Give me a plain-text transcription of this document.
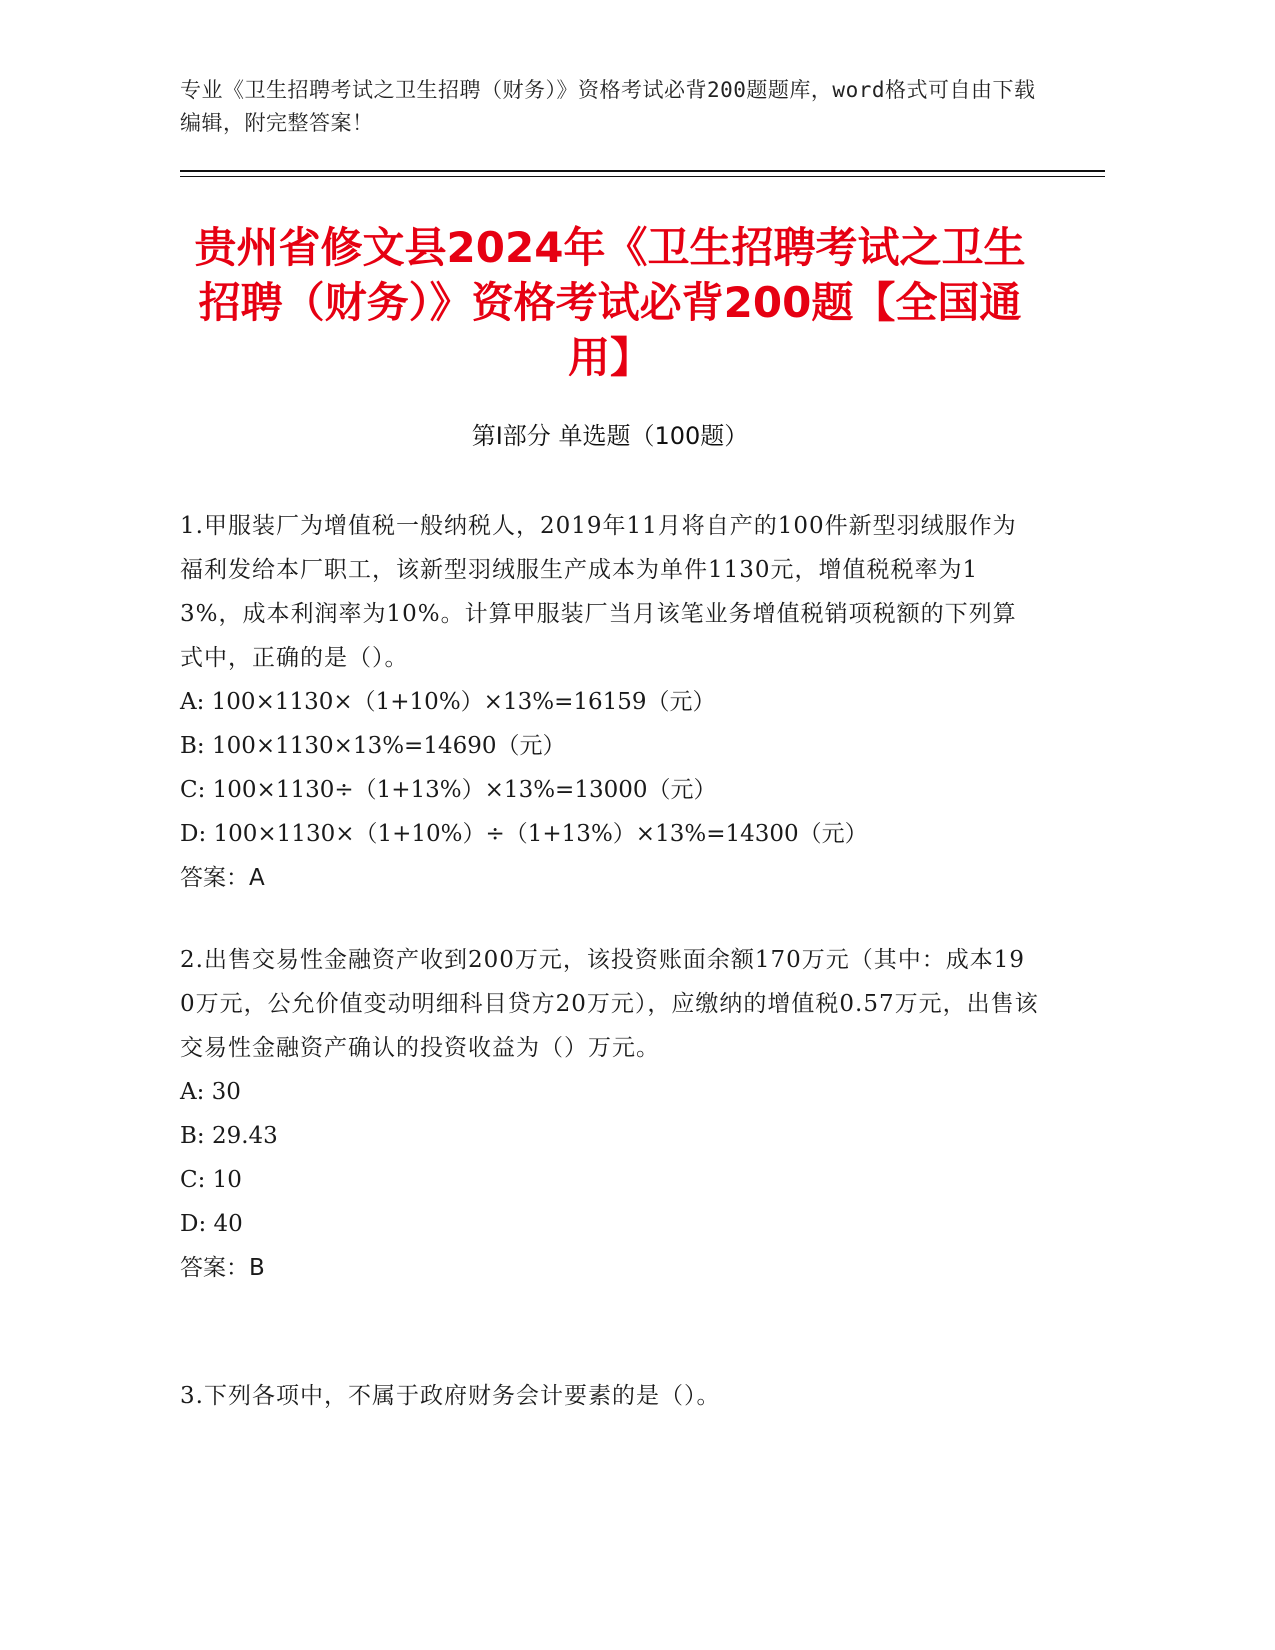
专业《卫生招聘考试之卫生招聘（财务）》资格考试必背200题题库，word格式可自由下载编辑，附完整答案！
贵州省修文县2024年《卫生招聘考试之卫生招聘（财务）》资格考试必背200题【全国通用】
第Ⅰ部分 单选题（100题）

1.甲服装厂为增值税一般纳税人，2019年11月将自产的100件新型羽绒服作为福利发给本厂职工，该新型羽绒服生产成本为单件1130元，增值税税率为13%，成本利润率为10%。计算甲服装厂当月该笔业务增值税销项税额的下列算式中，正确的是（）。

A: 100×1130×（1+10%）×13%=16159（元）

B: 100×1130×13%=14690（元）

C: 100×1130÷（1+13%）×13%=13000（元）

D: 100×1130×（1+10%）÷（1+13%）×13%=14300（元）

答案：A

2.出售交易性金融资产收到200万元，该投资账面余额170万元（其中：成本190万元，公允价值变动明细科目贷方20万元），应缴纳的增值税0.57万元，出售该交易性金融资产确认的投资收益为（）万元。

A: 30

B: 29.43

C: 10

D: 40

答案：B

3.下列各项中，不属于政府财务会计要素的是（）。
